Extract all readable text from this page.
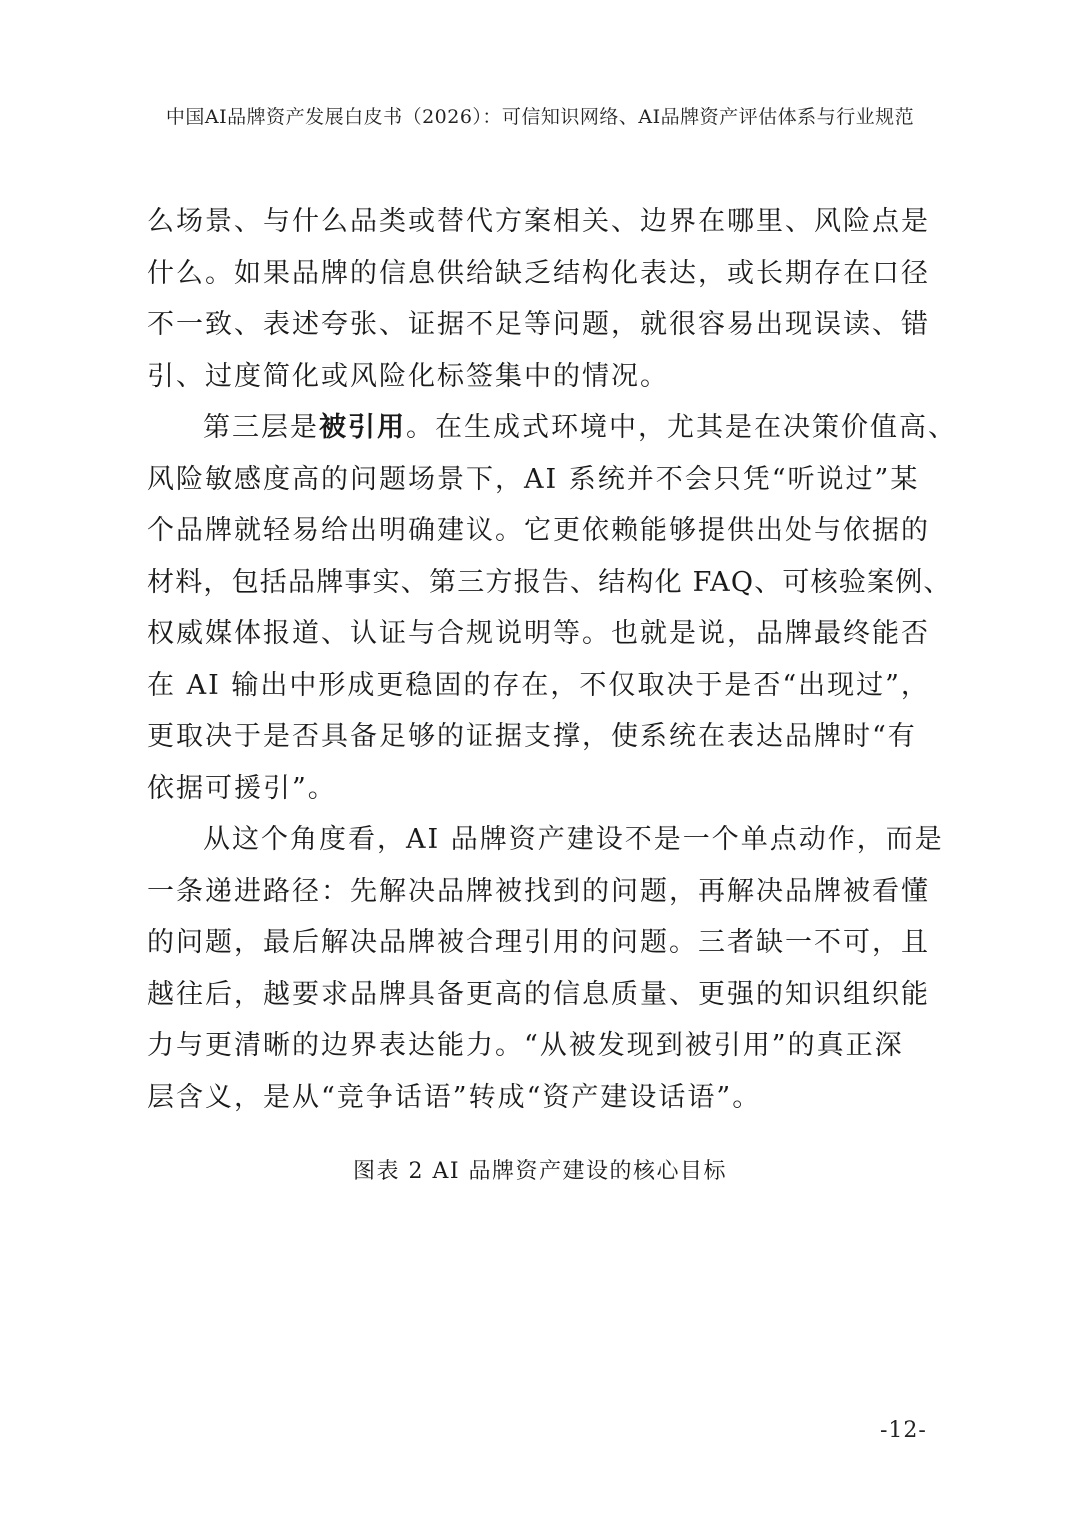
中国AI品牌资产发展白皮书（2026）：可信知识网络、AI品牌资产评估体系与行业规范
么场景、与什么品类或替代方案相关、边界在哪里、风险点是
什么。如果品牌的信息供给缺乏结构化表达，或长期存在口径
不一致、表述夸张、证据不足等问题，就很容易出现误读、错
引、过度简化或风险化标签集中的情况。
第三层是被引用。在生成式环境中，尤其是在决策价值高、
风险敏感度高的问题场景下，AI 系统并不会只凭“听说过”某
个品牌就轻易给出明确建议。它更依赖能够提供出处与依据的
材料，包括品牌事实、第三方报告、结构化 FAQ、可核验案例、
权威媒体报道、认证与合规说明等。也就是说，品牌最终能否
在 AI 输出中形成更稳固的存在，不仅取决于是否“出现过”，
更取决于是否具备足够的证据支撑，使系统在表达品牌时“有
依据可援引”。
从这个角度看，AI 品牌资产建设不是一个单点动作，而是
一条递进路径：先解决品牌被找到的问题，再解决品牌被看懂
的问题，最后解决品牌被合理引用的问题。三者缺一不可，且
越往后，越要求品牌具备更高的信息质量、更强的知识组织能
力与更清晰的边界表达能力。“从被发现到被引用”的真正深
层含义，是从“竞争话语”转成“资产建设话语”。
图表 2 AI 品牌资产建设的核心目标
-12-
